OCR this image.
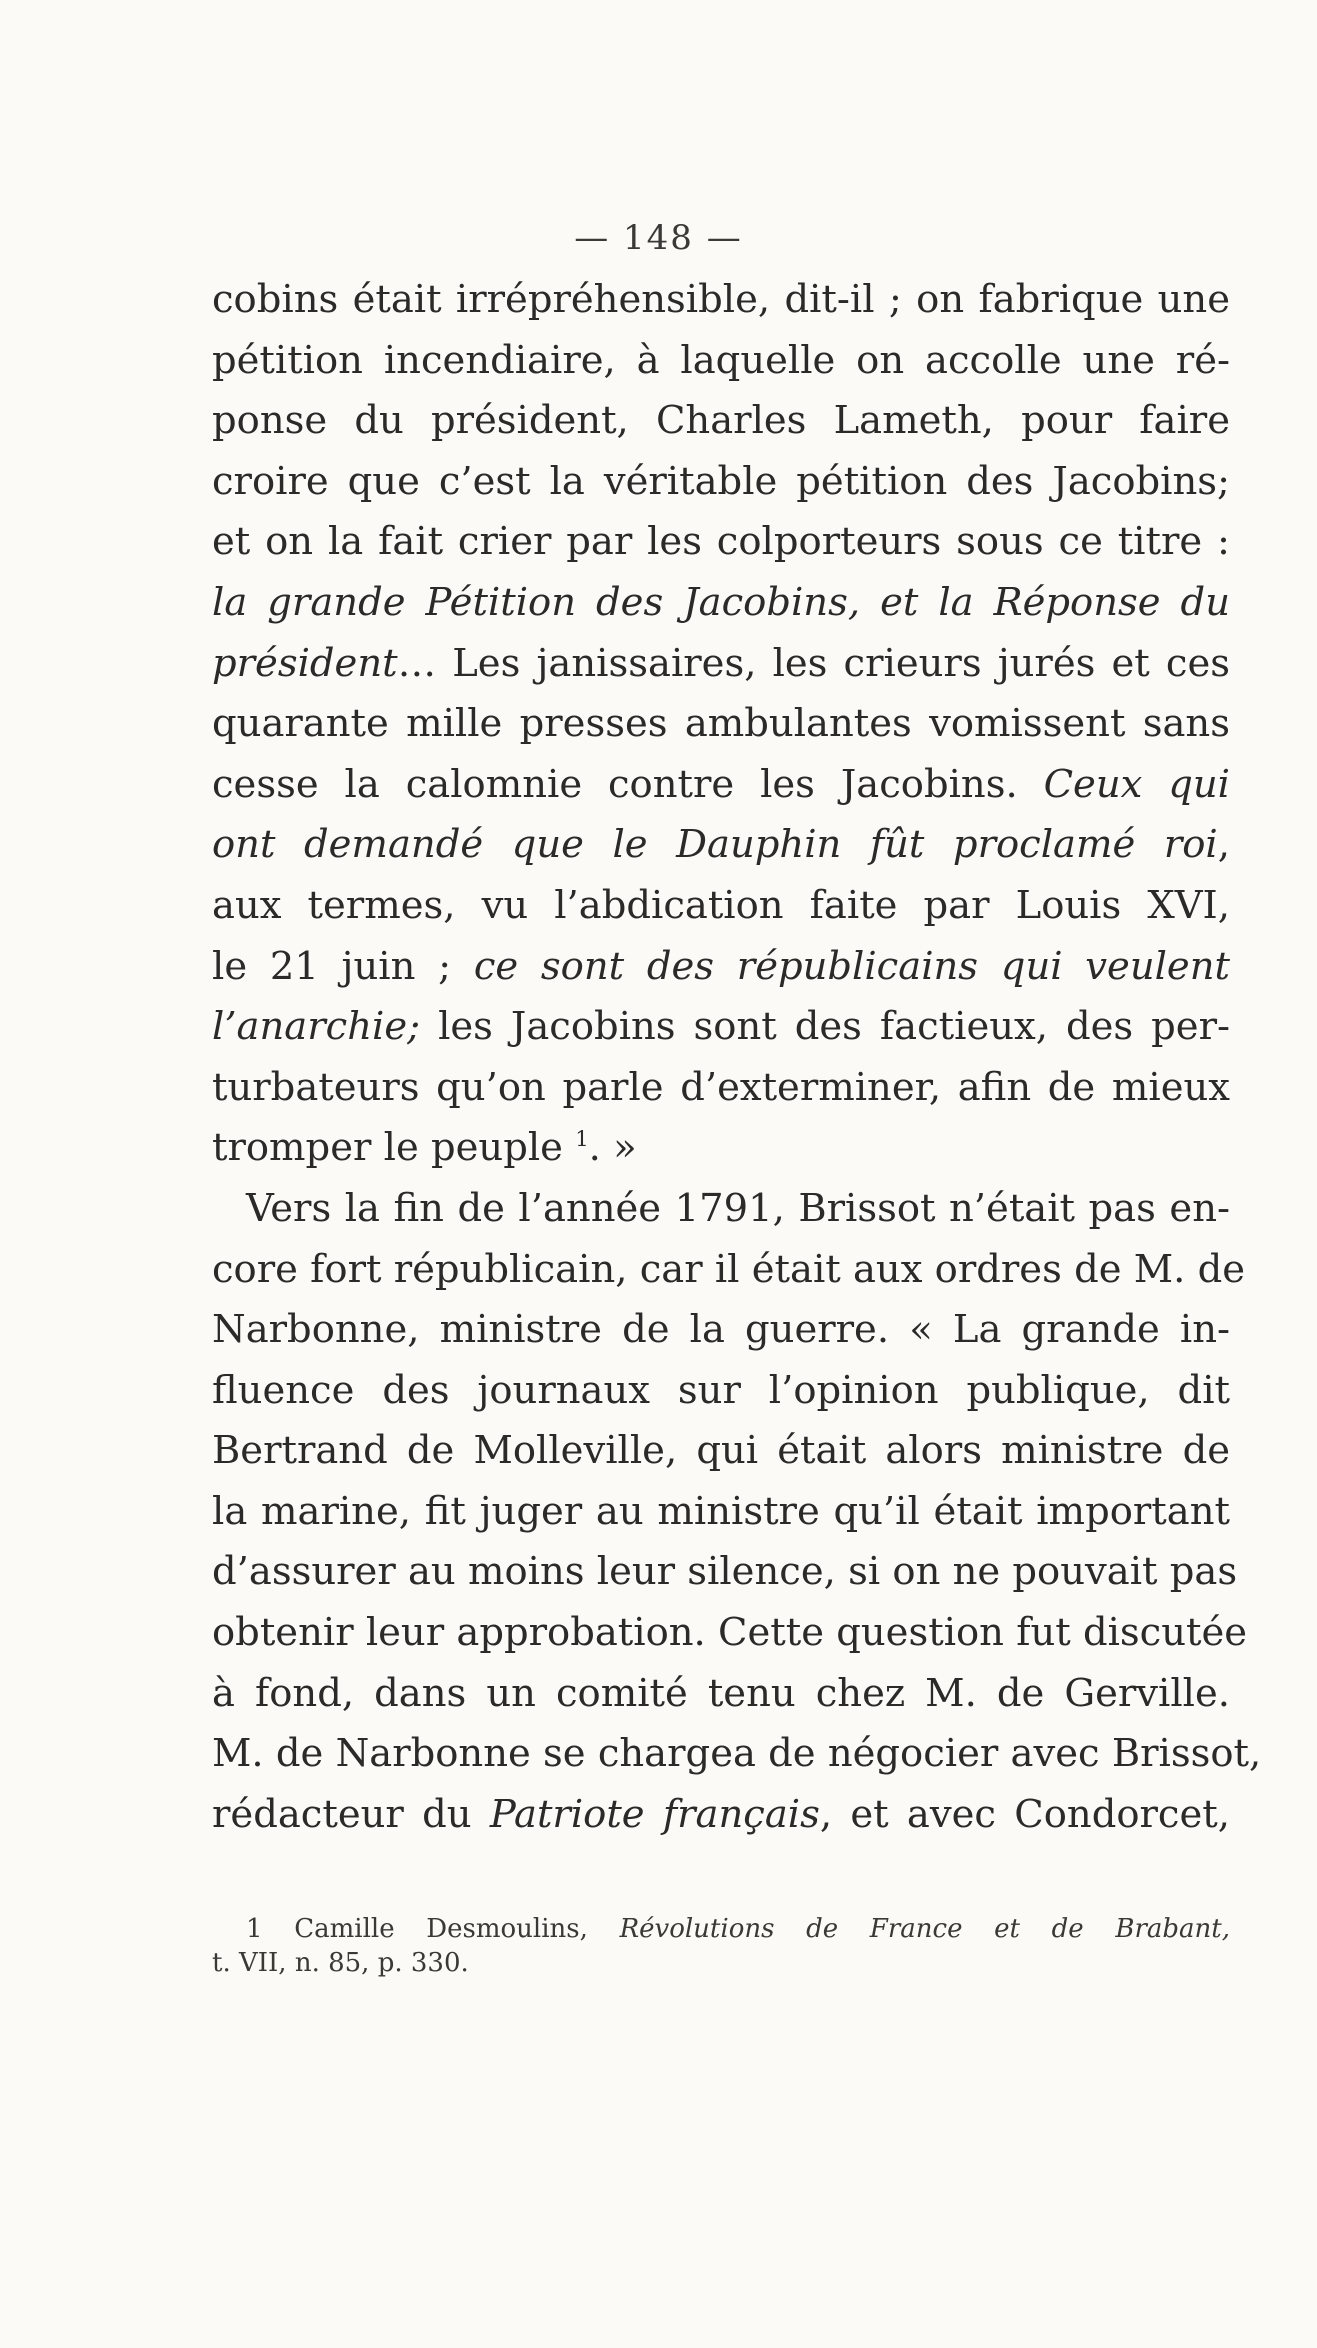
— 148 —
cobins était irrépréhensible, dit-il ; on fabrique une
pétition incendiaire, à laquelle on accolle une ré-
ponse du président, Charles Lameth, pour faire
croire que c’est la véritable pétition des Jacobins;
et on la fait crier par les colporteurs sous ce titre :
la grande Pétition des Jacobins, et la Réponse du
président… Les janissaires, les crieurs jurés et ces
quarante mille presses ambulantes vomissent sans
cesse la calomnie contre les Jacobins. Ceux qui
ont demandé que le Dauphin fût proclamé roi,
aux termes, vu l’abdication faite par Louis XVI,
le 21 juin ; ce sont des républicains qui veulent
l’anarchie; les Jacobins sont des factieux, des per-
turbateurs qu’on parle d’exterminer, afin de mieux
tromper le peuple $^1$. »
Vers la fin de l’année 1791, Brissot n’était pas en-
core fort républicain, car il était aux ordres de M. de
Narbonne, ministre de la guerre. « La grande in-
fluence des journaux sur l’opinion publique, dit
Bertrand de Molleville, qui était alors ministre de
la marine, fit juger au ministre qu’il était important
d’assurer au moins leur silence, si on ne pouvait pas
obtenir leur approbation. Cette question fut discutée
à fond, dans un comité tenu chez M. de Gerville.
M. de Narbonne se chargea de négocier avec Brissot,
rédacteur du Patriote français, et avec Condorcet,
1 Camille Desmoulins, Révolutions de France et de Brabant,
t. VII, n. 85, p. 330.
